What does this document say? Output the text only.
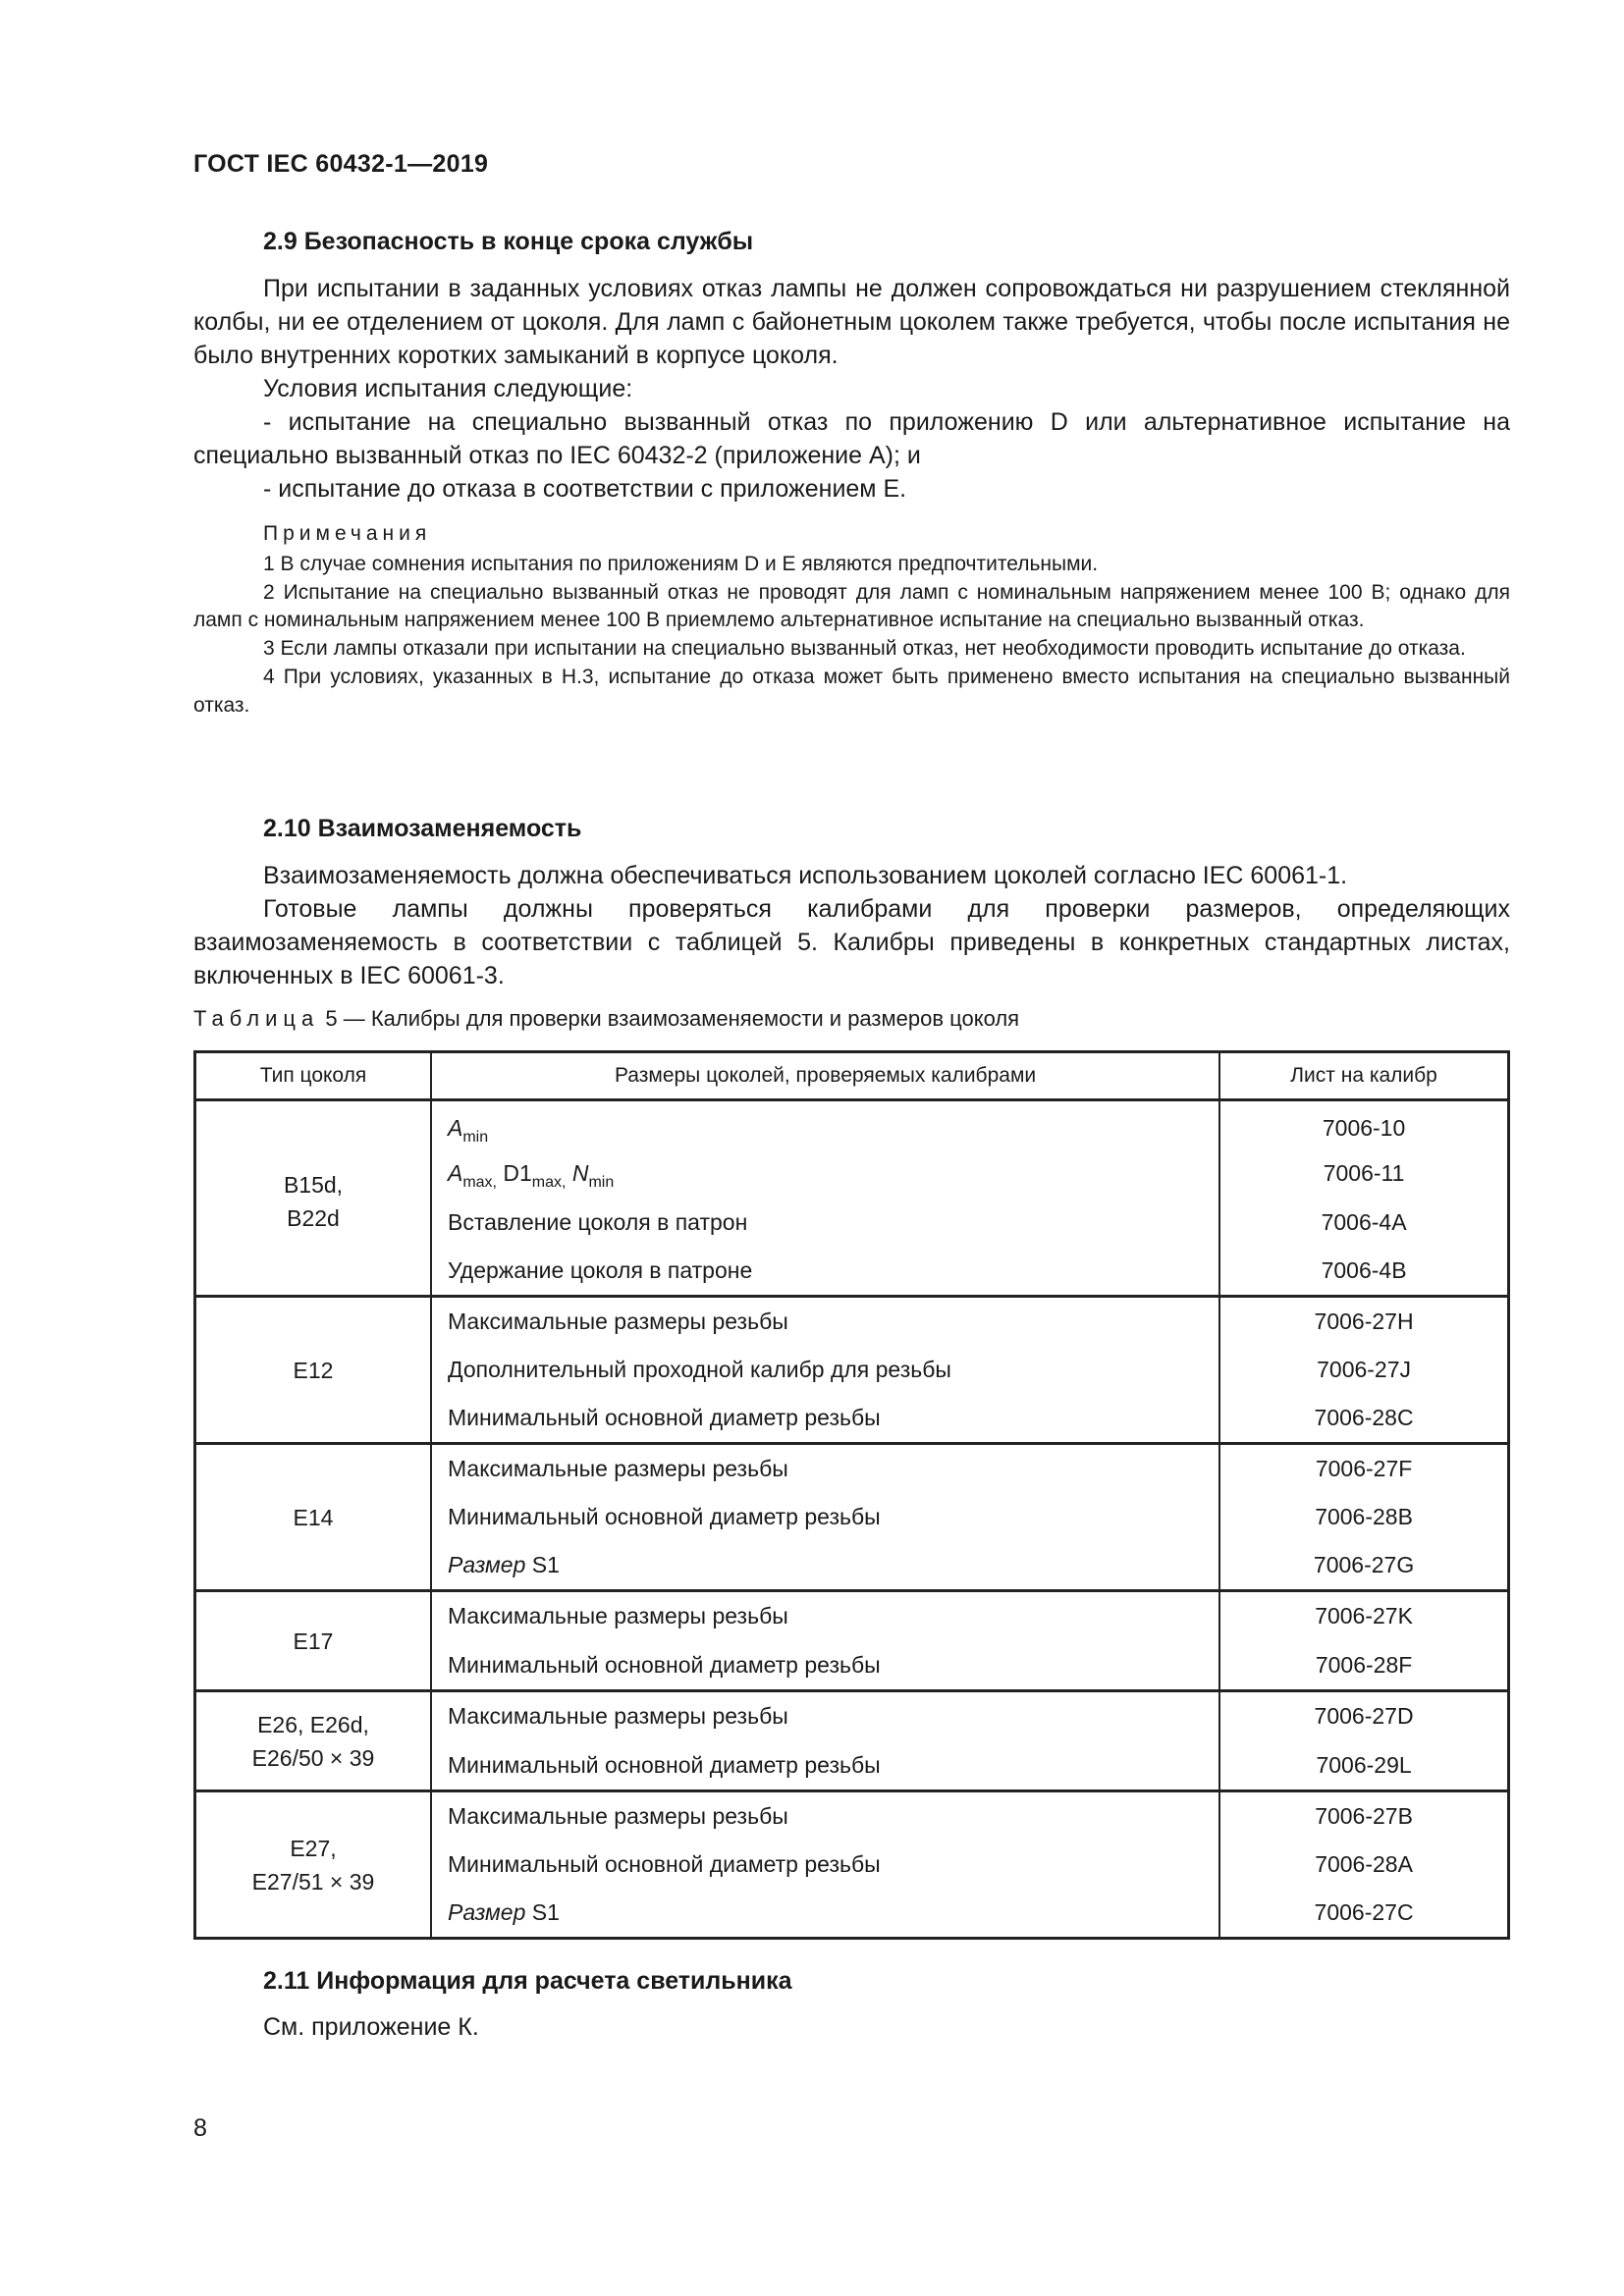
ГОСТ IEC 60432-1—2019
2.9 Безопасность в конце срока службы

При испытании в заданных условиях отказ лампы не должен сопровождаться ни разрушением стеклянной колбы, ни ее отделением от цоколя. Для ламп с байонетным цоколем также требуется, чтобы после испытания не было внутренних коротких замыканий в корпусе цоколя.

Условия испытания следующие:

- испытание на специально вызванный отказ по приложению D или альтернативное испытание на специально вызванный отказ по IEC 60432-2 (приложение А); и

- испытание до отказа в соответствии с приложением Е.

Примечания

1 В случае сомнения испытания по приложениям D и E являются предпочтительными.

2 Испытание на специально вызванный отказ не проводят для ламп с номинальным напряжением менее 100 В; однако для ламп с номинальным напряжением менее 100 В приемлемо альтернативное испытание на специально вызванный отказ.

3 Если лампы отказали при испытании на специально вызванный отказ, нет необходимости проводить испытание до отказа.

4 При условиях, указанных в Н.3, испытание до отказа может быть применено вместо испытания на специально вызванный отказ.

2.10 Взаимозаменяемость

Взаимозаменяемость должна обеспечиваться использованием цоколей согласно IEC 60061-1.

Готовые лампы должны проверяться калибрами для проверки размеров, определяющих взаимозаменяемость в соответствии с таблицей 5. Калибры приведены в конкретных стандартных листах, включенных в IEC 60061-3.

Таблица 5 — Калибры для проверки взаимозаменяемости и размеров цоколя
Тип цоколя	Размеры цоколей, проверяемых калибрами	Лист на калибр
B15d,
B22d	$A_{min}$	7006-10
	$A_{max,}$ $D1_{max,}$ $N_{min}$	7006-11
	Вставление цоколя в патрон	7006-4A
	Удержание цоколя в патроне	7006-4B
E12	Максимальные размеры резьбы	7006-27H
	Дополнительный проходной калибр для резьбы	7006-27J
	Минимальный основной диаметр резьбы	7006-28C
E14	Максимальные размеры резьбы	7006-27F
	Минимальный основной диаметр резьбы	7006-28B
	Размер S1	7006-27G
E17	Максимальные размеры резьбы	7006-27K
	Минимальный основной диаметр резьбы	7006-28F
E26, E26d,
E26/50 × 39	Максимальные размеры резьбы	7006-27D
	Минимальный основной диаметр резьбы	7006-29L
E27,
E27/51 × 39	Максимальные размеры резьбы	7006-27B
	Минимальный основной диаметр резьбы	7006-28A
	Размер S1	7006-27C
2.11 Информация для расчета светильника

См. приложение К.

8
